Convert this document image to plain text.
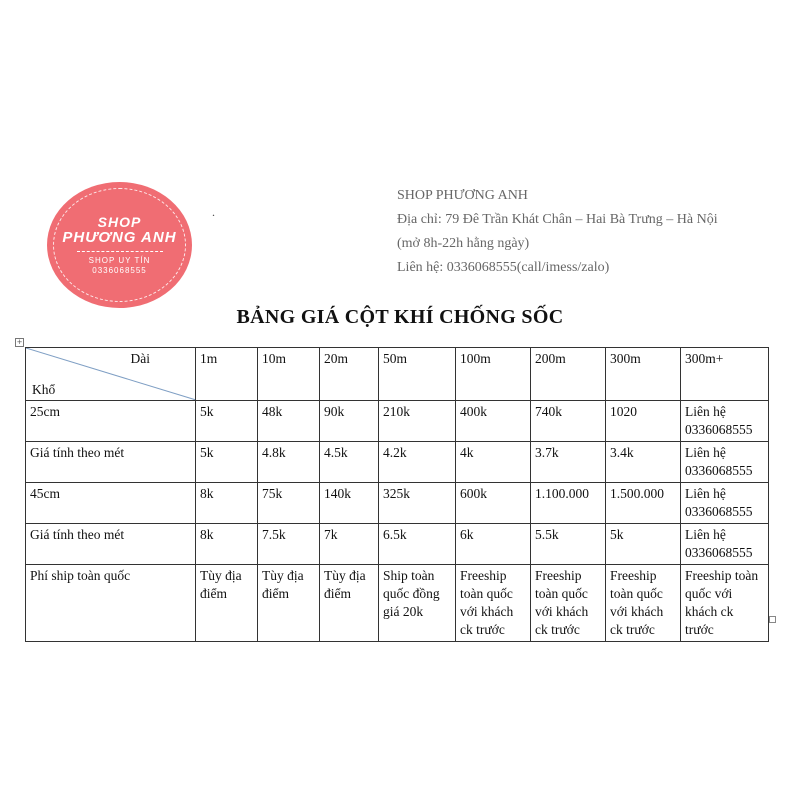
SHOP
PHƯƠNG ANH
SHOP UY TÍN
0336068555
.
SHOP PHƯƠNG ANH
Địa chỉ: 79 Đê Trần Khát Chân – Hai Bà Trưng – Hà Nội
(mở 8h-22h hằng ngày)
Liên hệ: 0336068555(call/imess/zalo)
BẢNG GIÁ CỘT KHÍ CHỐNG SỐC
+
Dài
Khổ	1m	10m	20m	50m	100m	200m	300m	300m+
25cm	5k	48k	90k	210k	400k	740k	1020	Liên hệ 0336068555
Giá tính theo mét	5k	4.8k	4.5k	4.2k	4k	3.7k	3.4k	Liên hệ 0336068555
45cm	8k	75k	140k	325k	600k	1.100.000	1.500.000	Liên hệ 0336068555
Giá tính theo mét	8k	7.5k	7k	6.5k	6k	5.5k	5k	Liên hệ 0336068555
Phí ship toàn quốc	Tùy địa điểm	Tùy địa điểm	Tùy địa điểm	Ship toàn quốc đồng giá 20k	Freeship toàn quốc với khách ck trước	Freeship toàn quốc với khách ck trước	Freeship toàn quốc với khách ck trước	Freeship toàn quốc với khách ck trước
